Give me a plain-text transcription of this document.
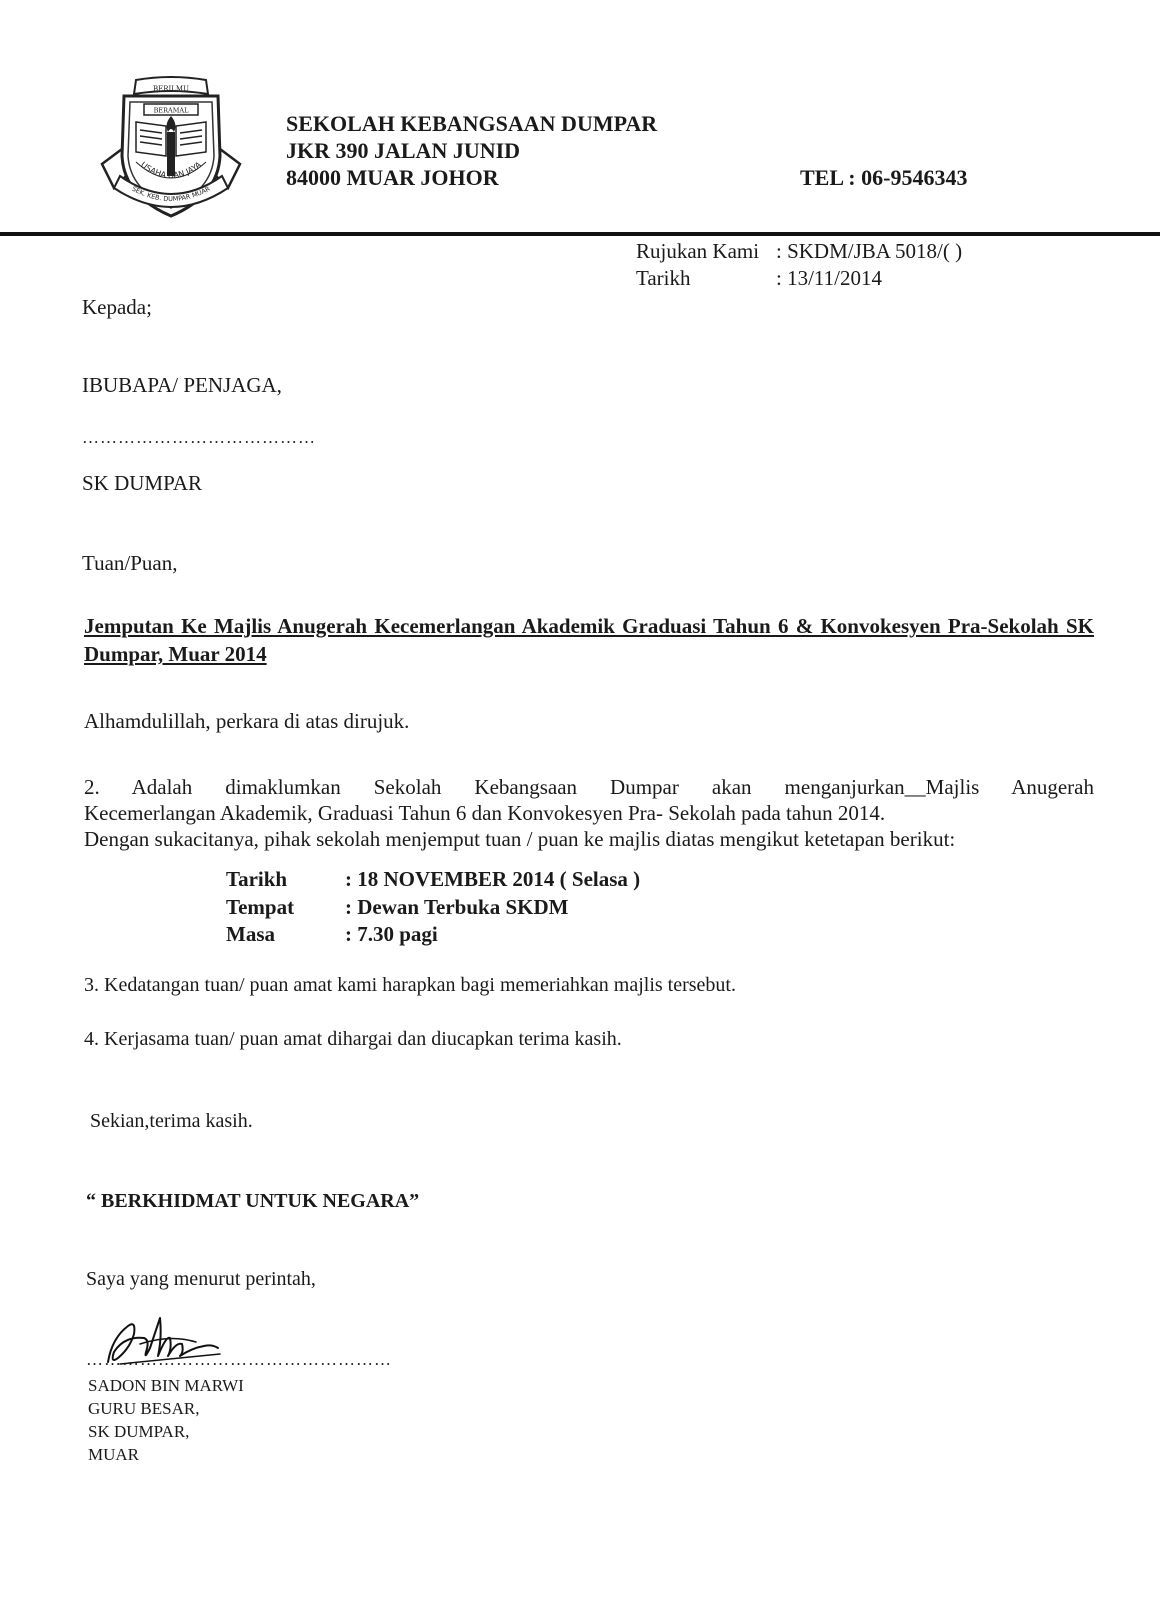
BERILMU
BERAMAL
USAHA DAN JAYA
SEK. KEB. DUMPAR MUAR
SEKOLAH KEBANGSAAN DUMPAR
JKR 390 JALAN JUNID
84000 MUAR JOHOR	TEL : 06-9546343
Rujukan Kami : SKDM/JBA 5018/( )
Tarikh	: 13/11/2014
Kepada;
IBUBAPA/ PENJAGA,
…………………………………
SK DUMPAR
Tuan/Puan,
Jemputan Ke Majlis Anugerah Kecemerlangan Akademik Graduasi Tahun 6 & Konvokesyen Pra-Sekolah SK Dumpar, Muar 2014
Alhamdulillah, perkara di atas dirujuk.
2. Adalah dimaklumkan Sekolah Kebangsaan Dumpar akan menganjurkan__Majlis Anugerah
Kecemerlangan Akademik, Graduasi Tahun 6 dan Konvokesyen Pra- Sekolah pada tahun 2014.
Dengan sukacitanya, pihak sekolah menjemput tuan / puan ke majlis diatas mengikut ketetapan berikut:
Tarikh	: 18 NOVEMBER 2014 ( Selasa )
Tempat	: Dewan Terbuka SKDM
Masa	: 7.30 pagi
3. Kedatangan tuan/ puan amat kami harapkan bagi memeriahkan majlis tersebut.
4. Kerjasama tuan/ puan amat dihargai dan diucapkan terima kasih.
Sekian,terima kasih.
“ BERKHIDMAT UNTUK NEGARA”
Saya yang menurut perintah,
……………………………………………
SADON BIN MARWI
GURU BESAR,
SK DUMPAR,
MUAR
